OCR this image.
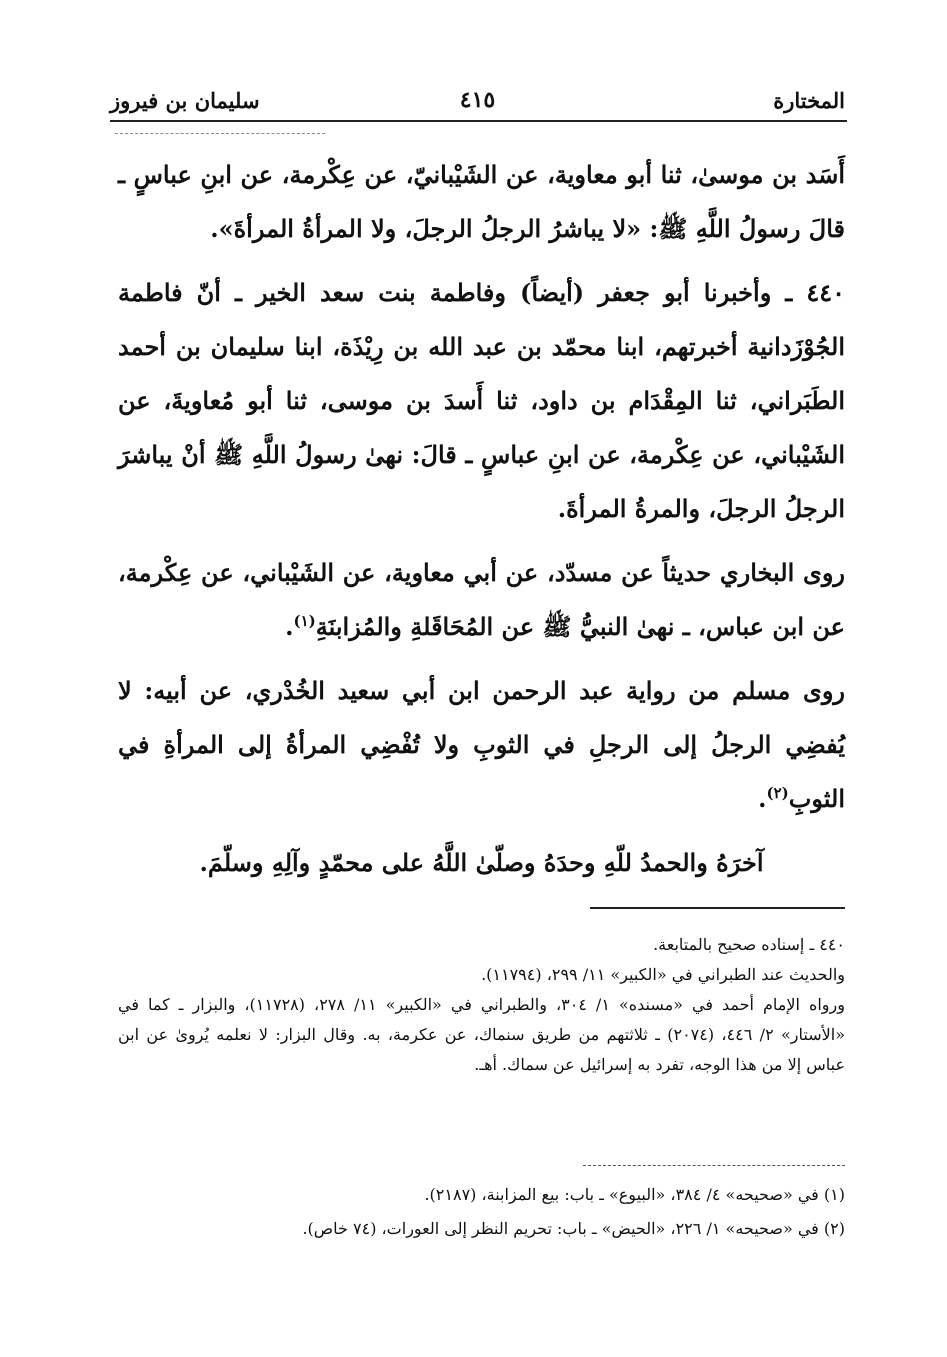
المختارة
٤١٥
سليمان بن فيروز

أَسَد بن موسىٰ، ثنا أبو معاوية، عن الشَيْبانيّ، عن عِكْرمة، عن ابنِ عباسٍ ـ قالَ رسولُ اللَّهِ ﷺ: «لا يباشرُ الرجلُ الرجلَ، ولا المرأةُ المرأةَ».

٤٤٠ ـ وأخبرنا أبو جعفر (أيضاً) وفاطمة بنت سعد الخير ـ أنّ فاطمة الجُوْزَدانية أخبرتهم، ابنا محمّد بن عبد الله بن رِيْذَة، ابنا سليمان بن أحمد الطَبَراني، ثنا المِقْدَام بن داود، ثنا أَسدَ بن موسى، ثنا أبو مُعاويةَ، عن الشَيْباني، عن عِكْرمة، عن ابنِ عباسٍ ـ قالَ: نهىٰ رسولُ اللَّهِ ﷺ أنْ يباشرَ الرجلُ الرجلَ، والمرةُ المرأةَ.

روى البخاري حديثاً عن مسدّد، عن أبي معاوية، عن الشَيْباني، عن عِكْرمة، عن ابن عباس، ـ نهىٰ النبيُّ ﷺ عن المُحَاقَلةِ والمُزابنَةِ$^{(١)}$.

روى مسلم من رواية عبد الرحمن ابن أبي سعيد الخُدْري، عن أبيه: لا يُفضِي الرجلُ إلى الرجلِ في الثوبِ ولا تُفْضِي المرأةُ إلى المرأةِ في الثوبِ$^{(٢)}$.

آخرَهُ والحمدُ للّهِ وحدَهُ وصلّىٰ اللَّهُ على محمّدٍ وآلِهِ وسلّمَ.

٤٤٠ ـ إسناده صحيح بالمتابعة.

والحديث عند الطبراني في «الكبير» ١١/ ٢٩٩، (١١٧٩٤).

ورواه الإمام أحمد في «مسنده» ١/ ٣٠٤، والطبراني في «الكبير» ١١/ ٢٧٨، (١١٧٢٨)، والبزار ـ كما في «الأستار» ٢/ ٤٤٦، (٢٠٧٤) ـ ثلاثتهم من طريق سنماك، عن عكرمة، به. وقال البزار: لا نعلمه يُروىٰ عن ابن عباس إلا من هذا الوجه، تفرد به إسرائيل عن سماك. أهـ.

(١) في «صحيحه» ٤/ ٣٨٤، «البيوع» ـ باب: بيع المزابنة، (٢١٨٧).

(٢) في «صحيحه» ١/ ٢٢٦، «الحيض» ـ باب: تحريم النظر إلى العورات، (٧٤ خاص).
